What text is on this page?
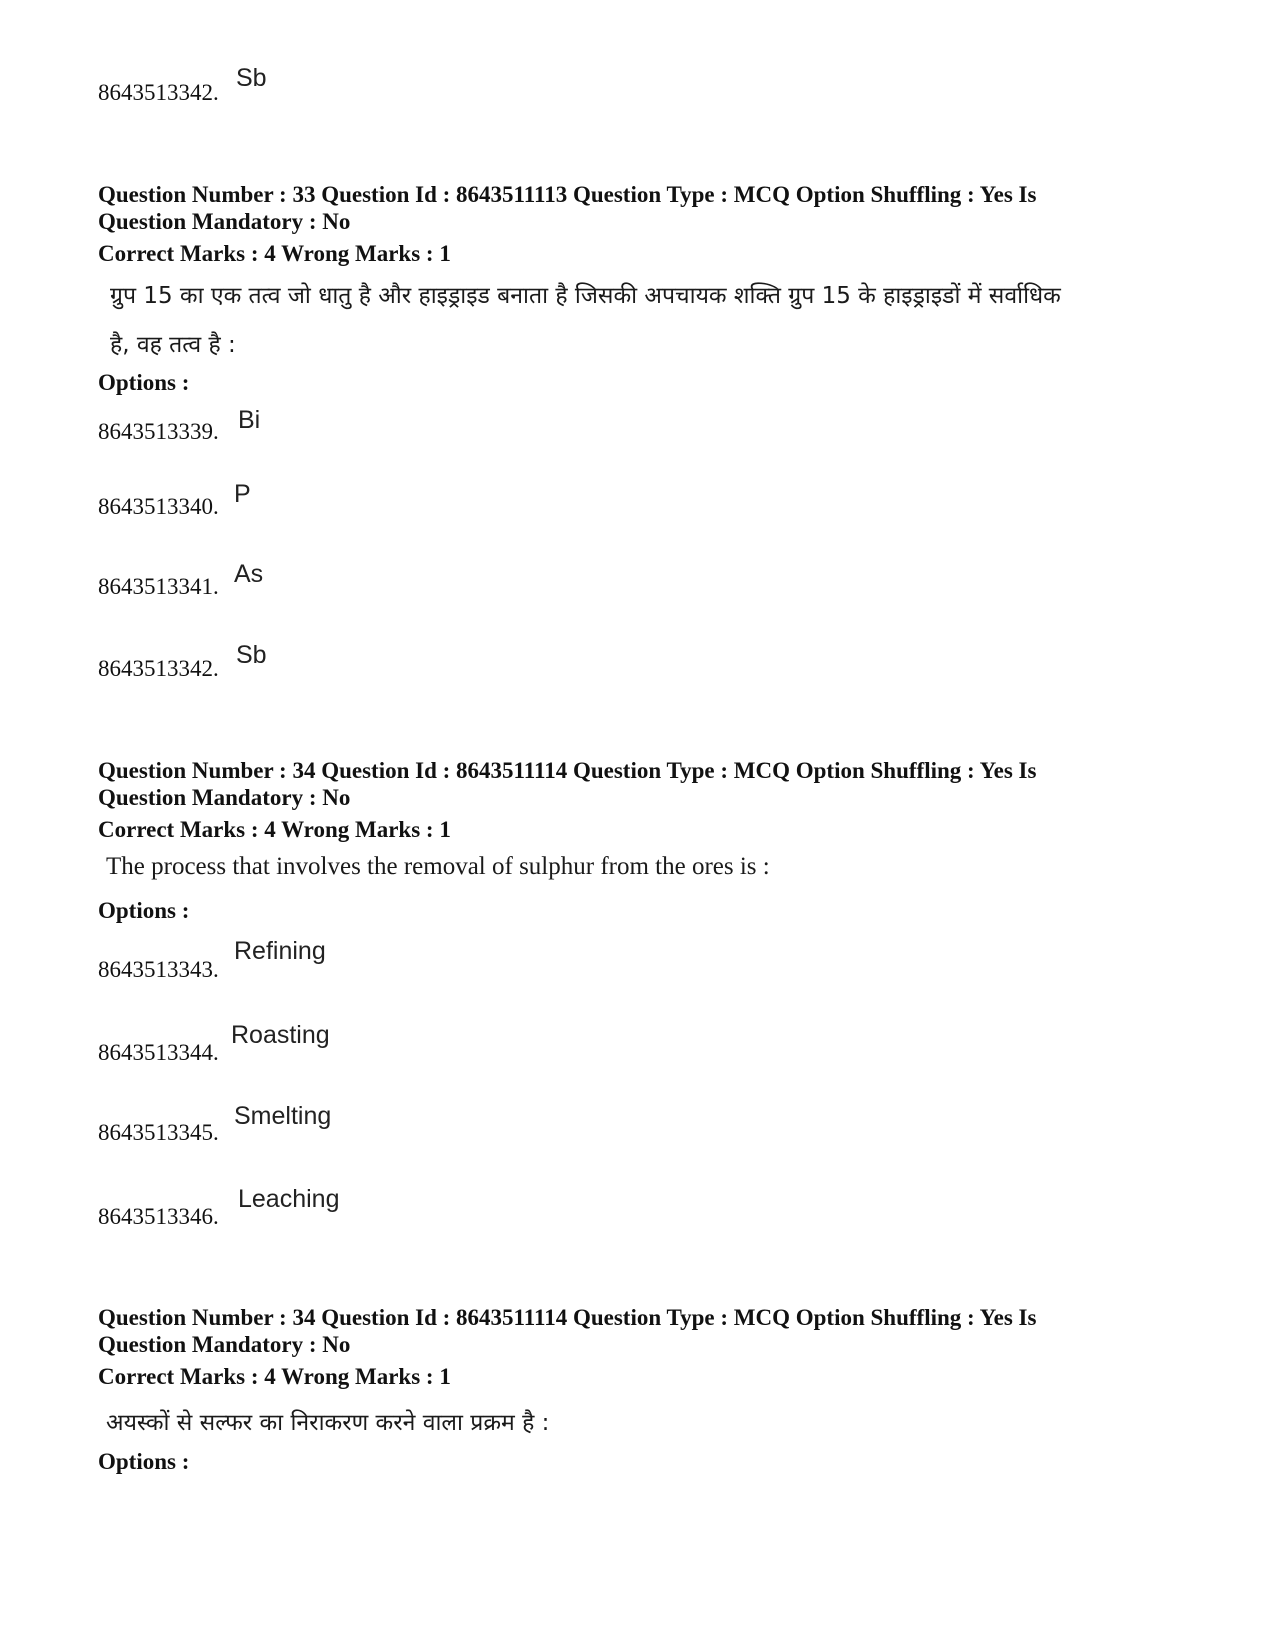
8643513342.
Sb
Question Number : 33 Question Id : 8643511113 Question Type : MCQ Option Shuffling : Yes Is
Question Mandatory : No
Correct Marks : 4 Wrong Marks : 1
ग्रुप 15 का एक तत्व जो धातु है और हाइड्राइड बनाता है जिसकी अपचायक शक्ति ग्रुप 15 के हाइड्राइडों में सर्वाधिक
है, वह तत्व है :
Options :
8643513339. Bi
8643513340. P
8643513341. As
8643513342. Sb
Question Number : 34 Question Id : 8643511114 Question Type : MCQ Option Shuffling : Yes Is
Question Mandatory : No
Correct Marks : 4 Wrong Marks : 1
The process that involves the removal of sulphur from the ores is :
Options :
8643513343.
Refining
8643513344.
Roasting
8643513345.
Smelting
8643513346.
Leaching
Question Number : 34 Question Id : 8643511114 Question Type : MCQ Option Shuffling : Yes Is
Question Mandatory : No
Correct Marks : 4 Wrong Marks : 1
अयस्कों से सल्फर का निराकरण करने वाला प्रक्रम है :
Options :
